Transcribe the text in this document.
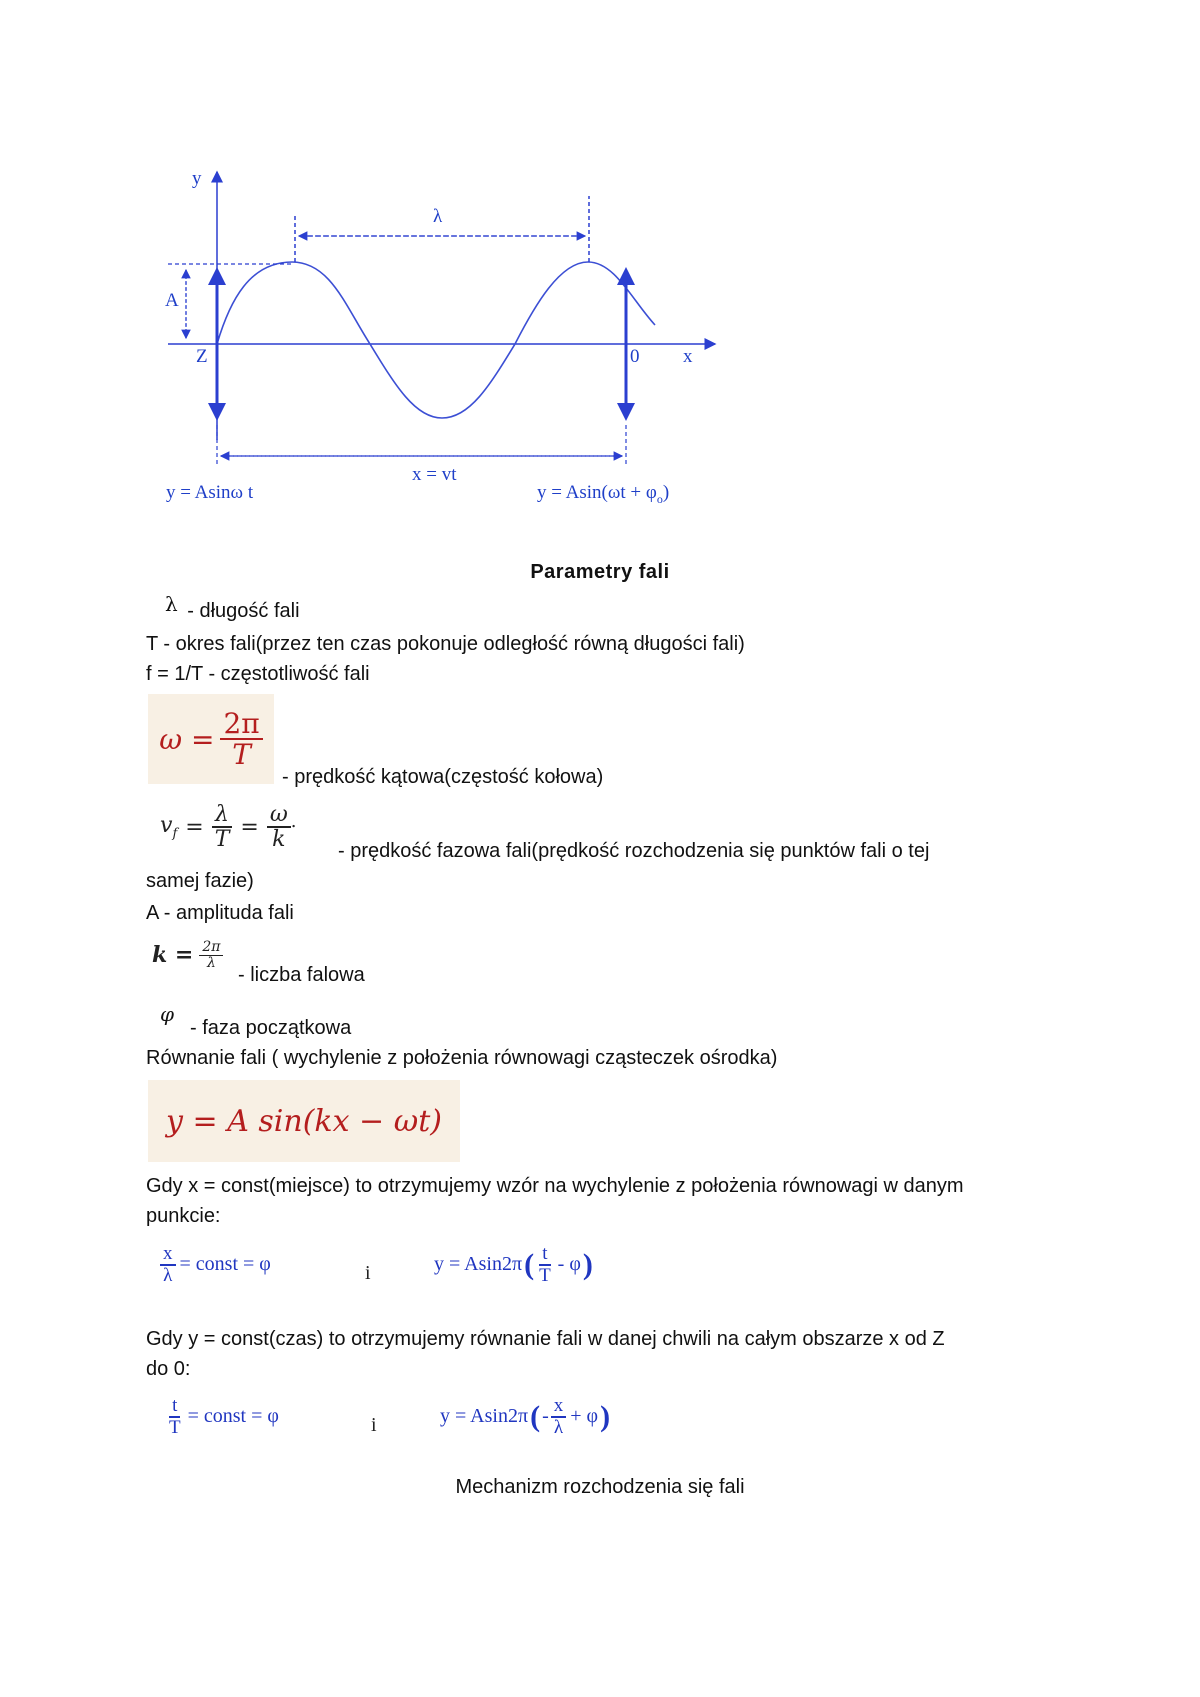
y
x
λ
A
Z	0
x = vt
y = Asinω t	$y = Asin(\omega t + \varphi_o)$
Parametry fali
λ - długość fali
T - okres fali(przez ten czas pokonuje odległość równą długości fali)
f = 1/T - częstotliwość fali
$\omega = \frac{2\pi}{T}$
- prędkość kątowa(częstość kołowa)
$v_f = \frac{\lambda}{T} = \frac{\omega}{k}$ .
- prędkość fazowa fali(prędkość rozchodzenia się punktów fali o tej
samej fazie)
A - amplituda fali
$k = \frac{2\pi}{\lambda}$
- liczba falowa
φ
- faza początkowa
Równanie fali ( wychylenie z położenia równowagi cząsteczek ośrodka)
y = A sin(kx − ωt)
Gdy x = const(miejsce) to otrzymujemy wzór na wychylenie z położenia równowagi w danym
punkcie:
$\frac{x}{\lambda}$ = const = φ	i	y = Asin2π ( $\frac{t}{T}$ - φ )
Gdy y = const(czas) to otrzymujemy równanie fali w danej chwili na całym obszarze x od Z
do 0:
$\frac{t}{T}$ = const = φ	i	y = Asin2π ( - $\frac{x}{\lambda} + \varphi$ )
Mechanizm rozchodzenia się fali
